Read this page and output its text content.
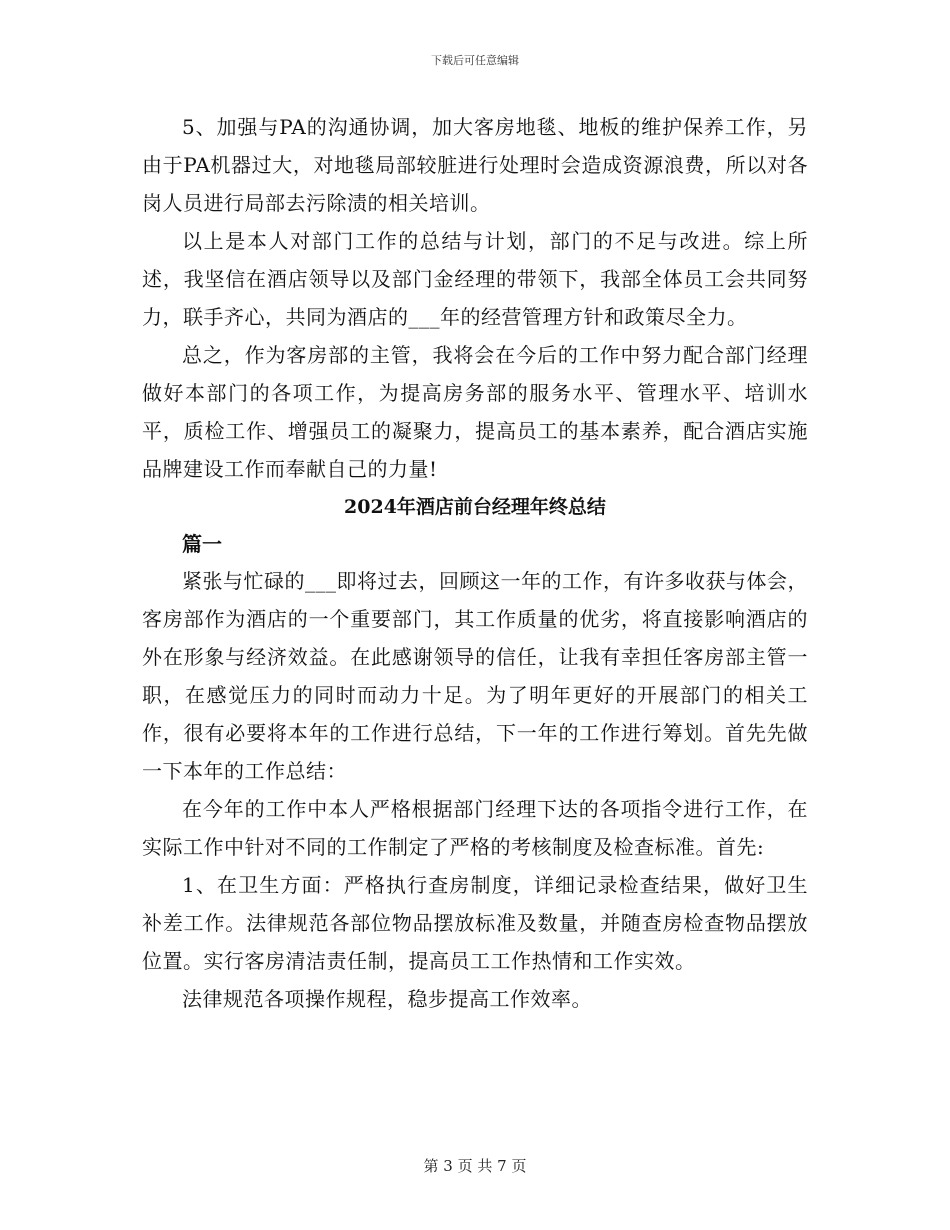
下载后可任意编辑

5、加强与PA的沟通协调，加大客房地毯、地板的维护保养工作，另由于PA机器过大，对地毯局部较脏进行处理时会造成资源浪费，所以对各岗人员进行局部去污除渍的相关培训。

以上是本人对部门工作的总结与计划，部门的不足与改进。综上所述，我坚信在酒店领导以及部门金经理的带领下，我部全体员工会共同努力，联手齐心，共同为酒店的___年的经营管理方针和政策尽全力。

总之，作为客房部的主管，我将会在今后的工作中努力配合部门经理做好本部门的各项工作，为提高房务部的服务水平、管理水平、培训水平，质检工作、增强员工的凝聚力，提高员工的基本素养，配合酒店实施品牌建设工作而奉献自己的力量!

2024年酒店前台经理年终总结
篇一

紧张与忙碌的___即将过去，回顾这一年的工作，有许多收获与体会，客房部作为酒店的一个重要部门，其工作质量的优劣，将直接影响酒店的外在形象与经济效益。在此感谢领导的信任，让我有幸担任客房部主管一职，在感觉压力的同时而动力十足。为了明年更好的开展部门的相关工作，很有必要将本年的工作进行总结，下一年的工作进行筹划。首先先做一下本年的工作总结：

在今年的工作中本人严格根据部门经理下达的各项指令进行工作，在实际工作中针对不同的工作制定了严格的考核制度及检查标准。首先:

1、在卫生方面：严格执行查房制度，详细记录检查结果，做好卫生补差工作。法律规范各部位物品摆放标准及数量，并随查房检查物品摆放位置。实行客房清洁责任制，提高员工工作热情和工作实效。

法律规范各项操作规程，稳步提高工作效率。

第 3 页 共 7 页
